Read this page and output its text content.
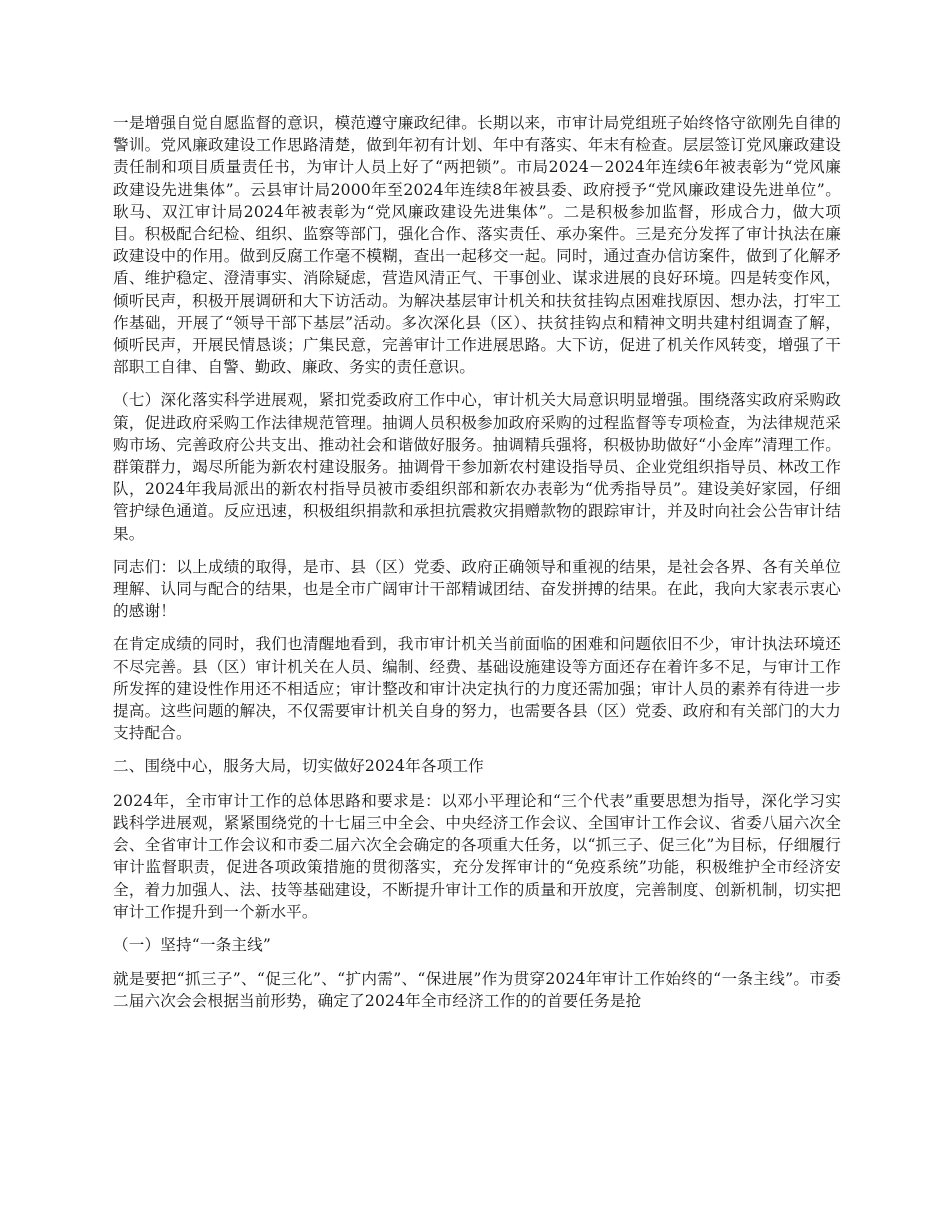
一是增强自觉自愿监督的意识，模范遵守廉政纪律。长期以来，市审计局党组班子始终恪守欲刚先自律的警训。党风廉政建设工作思路清楚，做到年初有计划、年中有落实、年末有检查。层层签订党风廉政建设责任制和项目质量责任书，为审计人员上好了“两把锁”。市局2024－2024年连续6年被表彰为“党风廉政建设先进集体”。云县审计局2000年至2024年连续8年被县委、政府授予“党风廉政建设先进单位”。耿马、双江审计局2024年被表彰为“党风廉政建设先进集体”。二是积极参加监督，形成合力，做大项目。积极配合纪检、组织、监察等部门，强化合作、落实责任、承办案件。三是充分发挥了审计执法在廉政建设中的作用。做到反腐工作毫不模糊，查出一起移交一起。同时，通过查办信访案件，做到了化解矛盾、维护稳定、澄清事实、消除疑虑，营造风清正气、干事创业、谋求进展的良好环境。四是转变作风，倾听民声，积极开展调研和大下访活动。为解决基层审计机关和扶贫挂钩点困难找原因、想办法，打牢工作基础，开展了“领导干部下基层”活动。多次深化县（区）、扶贫挂钩点和精神文明共建村组调查了解，倾听民声，开展民情恳谈；广集民意，完善审计工作进展思路。大下访，促进了机关作风转变，增强了干部职工自律、自警、勤政、廉政、务实的责任意识。

（七）深化落实科学进展观，紧扣党委政府工作中心，审计机关大局意识明显增强。围绕落实政府采购政策，促进政府采购工作法律规范管理。抽调人员积极参加政府采购的过程监督等专项检查，为法律规范采购市场、完善政府公共支出、推动社会和谐做好服务。抽调精兵强将，积极协助做好“小金库”清理工作。群策群力，竭尽所能为新农村建设服务。抽调骨干参加新农村建设指导员、企业党组织指导员、林改工作队，2024年我局派出的新农村指导员被市委组织部和新农办表彰为“优秀指导员”。建设美好家园，仔细管护绿色通道。反应迅速，积极组织捐款和承担抗震救灾捐赠款物的跟踪审计，并及时向社会公告审计结果。

同志们：以上成绩的取得，是市、县（区）党委、政府正确领导和重视的结果，是社会各界、各有关单位理解、认同与配合的结果，也是全市广阔审计干部精诚团结、奋发拼搏的结果。在此，我向大家表示衷心的感谢！

在肯定成绩的同时，我们也清醒地看到，我市审计机关当前面临的困难和问题依旧不少，审计执法环境还不尽完善。县（区）审计机关在人员、编制、经费、基础设施建设等方面还存在着许多不足，与审计工作所发挥的建设性作用还不相适应；审计整改和审计决定执行的力度还需加强；审计人员的素养有待进一步提高。这些问题的解决，不仅需要审计机关自身的努力，也需要各县（区）党委、政府和有关部门的大力支持配合。

二、围绕中心，服务大局，切实做好2024年各项工作

2024年，全市审计工作的总体思路和要求是：以邓小平理论和“三个代表”重要思想为指导，深化学习实践科学进展观，紧紧围绕党的十七届三中全会、中央经济工作会议、全国审计工作会议、省委八届六次全会、全省审计工作会议和市委二届六次全会确定的各项重大任务，以“抓三子、促三化”为目标，仔细履行审计监督职责，促进各项政策措施的贯彻落实，充分发挥审计的“免疫系统”功能，积极维护全市经济安全，着力加强人、法、技等基础建设，不断提升审计工作的质量和开放度，完善制度、创新机制，切实把审计工作提升到一个新水平。

（一）坚持“一条主线”

就是要把“抓三子”、“促三化”、“扩内需”、“保进展”作为贯穿2024年审计工作始终的“一条主线”。市委二届六次会会根据当前形势，确定了2024年全市经济工作的的首要任务是抢
